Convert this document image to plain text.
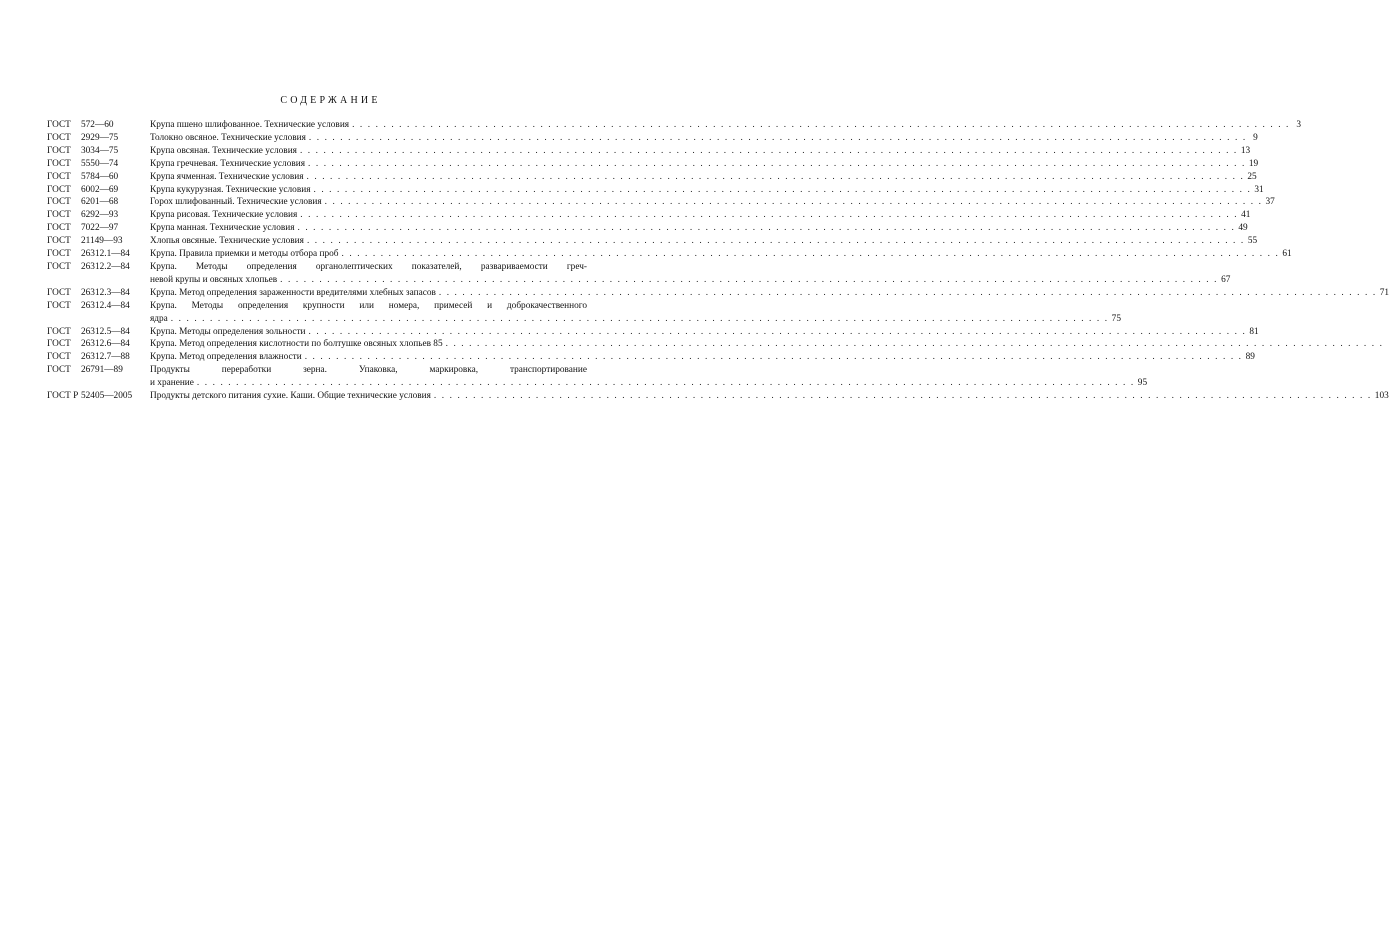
СОДЕРЖАНИЕ
ГОСТ	572—60	Крупа пшено шлифованное. Технические условия . . . . . . . . . . . . . . . . . . . . . . . . . . . . . . . . . . . . . . . . . . . . . . . . . . . . . . . . . . . . . . . . . . . . . . . . . . . . . . . . . . . . . . . . . . . . . . . . . . . . . . . . . . . . . . . . . . . . . . . . 3
ГОСТ	2929—75	Толокно овсяное. Технические условия . . . . . . . . . . . . . . . . . . . . . . . . . . . . . . . . . . . . . . . . . . . . . . . . . . . . . . . . . . . . . . . . . . . . . . . . . . . . . . . . . . . . . . . . . . . . . . . . . . . . . . . . . . . . . . . . . . . . . . . . 9
ГОСТ	3034—75	Крупа овсяная. Технические условия . . . . . . . . . . . . . . . . . . . . . . . . . . . . . . . . . . . . . . . . . . . . . . . . . . . . . . . . . . . . . . . . . . . . . . . . . . . . . . . . . . . . . . . . . . . . . . . . . . . . . . . . . . . . . . . . . . . . . . . . 13
ГОСТ	5550—74	Крупа гречневая. Технические условия . . . . . . . . . . . . . . . . . . . . . . . . . . . . . . . . . . . . . . . . . . . . . . . . . . . . . . . . . . . . . . . . . . . . . . . . . . . . . . . . . . . . . . . . . . . . . . . . . . . . . . . . . . . . . . . . . . . . . . . . 19
ГОСТ	5784—60	Крупа ячменная. Технические условия . . . . . . . . . . . . . . . . . . . . . . . . . . . . . . . . . . . . . . . . . . . . . . . . . . . . . . . . . . . . . . . . . . . . . . . . . . . . . . . . . . . . . . . . . . . . . . . . . . . . . . . . . . . . . . . . . . . . . . . . 25
ГОСТ	6002—69	Крупа кукурузная. Технические условия . . . . . . . . . . . . . . . . . . . . . . . . . . . . . . . . . . . . . . . . . . . . . . . . . . . . . . . . . . . . . . . . . . . . . . . . . . . . . . . . . . . . . . . . . . . . . . . . . . . . . . . . . . . . . . . . . . . . . . . . 31
ГОСТ	6201—68	Горох шлифованный. Технические условия . . . . . . . . . . . . . . . . . . . . . . . . . . . . . . . . . . . . . . . . . . . . . . . . . . . . . . . . . . . . . . . . . . . . . . . . . . . . . . . . . . . . . . . . . . . . . . . . . . . . . . . . . . . . . . . . . . . . . . . . 37
ГОСТ	6292—93	Крупа рисовая. Технические условия . . . . . . . . . . . . . . . . . . . . . . . . . . . . . . . . . . . . . . . . . . . . . . . . . . . . . . . . . . . . . . . . . . . . . . . . . . . . . . . . . . . . . . . . . . . . . . . . . . . . . . . . . . . . . . . . . . . . . . . . 41
ГОСТ	7022—97	Крупа манная. Технические условия . . . . . . . . . . . . . . . . . . . . . . . . . . . . . . . . . . . . . . . . . . . . . . . . . . . . . . . . . . . . . . . . . . . . . . . . . . . . . . . . . . . . . . . . . . . . . . . . . . . . . . . . . . . . . . . . . . . . . . . . 49
ГОСТ	21149—93	Хлопья овсяные. Технические условия . . . . . . . . . . . . . . . . . . . . . . . . . . . . . . . . . . . . . . . . . . . . . . . . . . . . . . . . . . . . . . . . . . . . . . . . . . . . . . . . . . . . . . . . . . . . . . . . . . . . . . . . . . . . . . . . . . . . . . . . 55
ГОСТ	26312.1—84 Крупа. Правила приемки и методы отбора проб . . . . . . . . . . . . . . . . . . . . . . . . . . . . . . . . . . . . . . . . . . . . . . . . . . . . . . . . . . . . . . . . . . . . . . . . . . . . . . . . . . . . . . . . . . . . . . . . . . . . . . . . . . . . . . . . . . . . . . . . 61
ГОСТ	26312.2—84 Крупа. Методы определения органолептических показателей, развариваемости греч-
невой крупы и овсяных хлопьев . . . . . . . . . . . . . . . . . . . . . . . . . . . . . . . . . . . . . . . . . . . . . . . . . . . . . . . . . . . . . . . . . . . . . . . . . . . . . . . . . . . . . . . . . . . . . . . . . . . . . . . . . . . . . . . . . . . . . . . . 67
ГОСТ	26312.3—84 Крупа. Метод определения зараженности вредителями хлебных запасов . . . . . . . . . . . . . . . . . . . . . . . . . . . . . . . . . . . . . . . . . . . . . . . . . . . . . . . . . . . . . . . . . . . . . . . . . . . . . . . . . . . . . . . . . . . . . . . . . . . . . . . . . . . . . . . . . . . . . . . . 71
ГОСТ	26312.4—84 Крупа. Методы определения крупности или номера, примесей и доброкачественного
ядра . . . . . . . . . . . . . . . . . . . . . . . . . . . . . . . . . . . . . . . . . . . . . . . . . . . . . . . . . . . . . . . . . . . . . . . . . . . . . . . . . . . . . . . . . . . . . . . . . . . . . . . . . . . . . . . . . . . . . . . . 75
ГОСТ	26312.5—84 Крупа. Методы определения зольности . . . . . . . . . . . . . . . . . . . . . . . . . . . . . . . . . . . . . . . . . . . . . . . . . . . . . . . . . . . . . . . . . . . . . . . . . . . . . . . . . . . . . . . . . . . . . . . . . . . . . . . . . . . . . . . . . . . . . . . . 81
ГОСТ	26312.6—84 Крупа. Метод определения кислотности по болтушке овсяных хлопьев 85 . . . . . . . . . . . . . . . . . . . . . . . . . . . . . . . . . . . . . . . . . . . . . . . . . . . . . . . . . . . . . . . . . . . . . . . . . . . . . . . . . . . . . . . . . . . . . . . . . . . . . . . . . . . . . . . . . . . . . . . .
ГОСТ	26312.7—88 Крупа. Метод определения влажности . . . . . . . . . . . . . . . . . . . . . . . . . . . . . . . . . . . . . . . . . . . . . . . . . . . . . . . . . . . . . . . . . . . . . . . . . . . . . . . . . . . . . . . . . . . . . . . . . . . . . . . . . . . . . . . . . . . . . . . . 89
ГОСТ	26791—89	Продукты переработки зерна. Упаковка, маркировка, транспортирование
и хранение . . . . . . . . . . . . . . . . . . . . . . . . . . . . . . . . . . . . . . . . . . . . . . . . . . . . . . . . . . . . . . . . . . . . . . . . . . . . . . . . . . . . . . . . . . . . . . . . . . . . . . . . . . . . . . . . . . . . . . . . 95
ГОСТ Р 52405—2005 Продукты детского питания сухие. Каши. Общие технические условия . . . . . . . . . . . . . . . . . . . . . . . . . . . . . . . . . . . . . . . . . . . . . . . . . . . . . . . . . . . . . . . . . . . . . . . . . . . . . . . . . . . . . . . . . . . . . . . . . . . . . . . . . . . . . . . . . . . . . . . . 103
